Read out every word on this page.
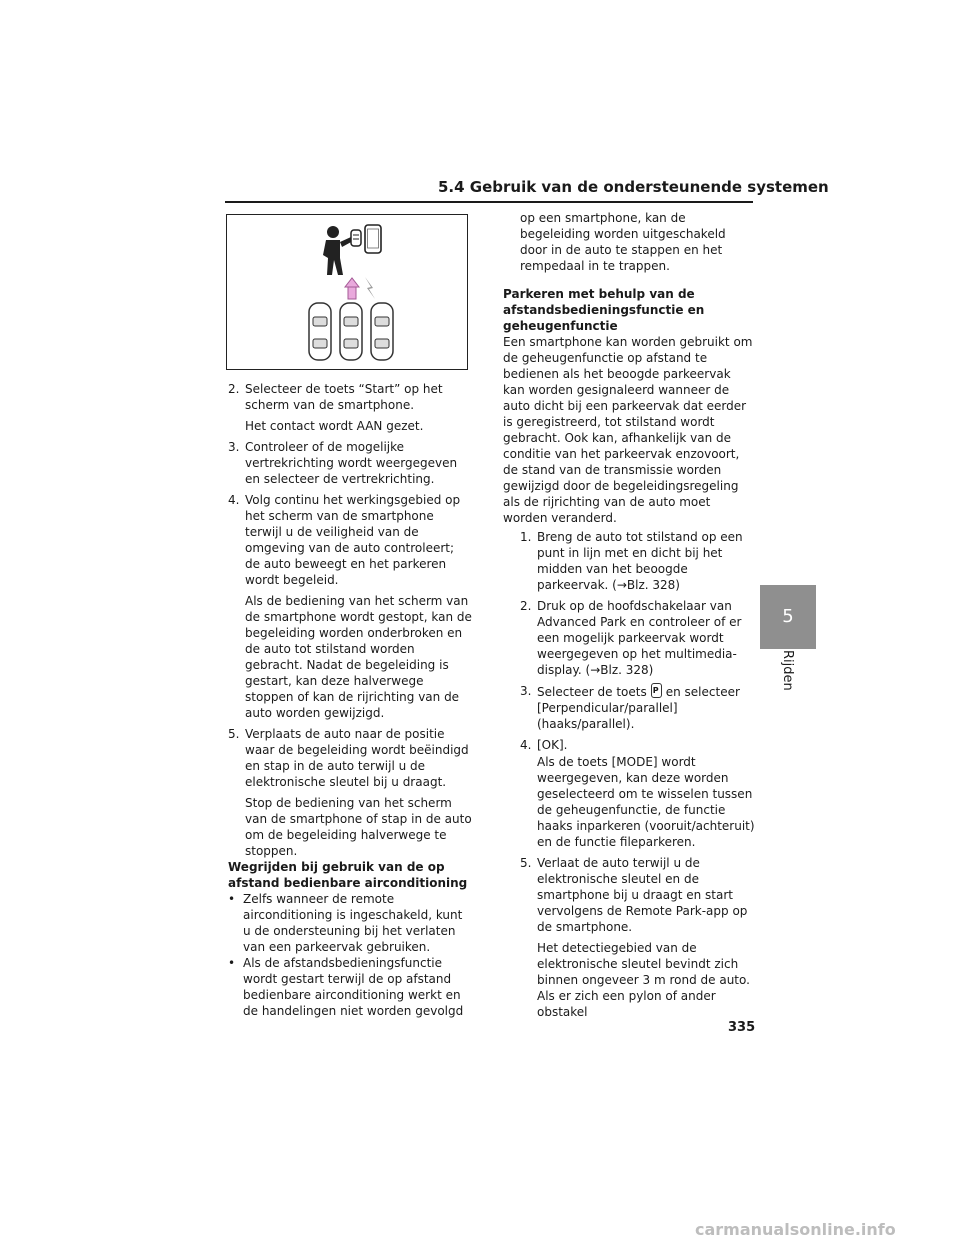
5.4 Gebruik van de ondersteunende systemen

2. Selecteer de toets “Start” op het scherm van de smartphone.

Het contact wordt AAN gezet.

3. Controleer of de mogelijke vertrekrichting wordt weergegeven en selecteer de vertrekrichting.

4. Volg continu het werkingsgebied op het scherm van de smartphone terwijl u de veiligheid van de omgeving van de auto controleert; de auto beweegt en het parkeren wordt begeleid.

Als de bediening van het scherm van de smartphone wordt gestopt, kan de begeleiding worden onderbroken en de auto tot stilstand worden gebracht. Nadat de begeleiding is gestart, kan deze halverwege stoppen of kan de rijrichting van de auto worden gewijzigd.

5. Verplaats de auto naar de positie waar de begeleiding wordt beëindigd en stap in de auto terwijl u de elektronische sleutel bij u draagt.

Stop de bediening van het scherm van de smartphone of stap in de auto om de begeleiding halverwege te stoppen.

Wegrijden bij gebruik van de op afstand bedienbare airconditioning

• Zelfs wanneer de remote airconditioning is ingeschakeld, kunt u de ondersteuning bij het verlaten van een parkeervak gebruiken.

• Als de afstandsbedieningsfunctie wordt gestart terwijl de op afstand bedienbare airconditioning werkt en de handelingen niet worden gevolgd

op een smartphone, kan de begeleiding worden uitgeschakeld door in de auto te stappen en het rempedaal in te trappen.

Parkeren met behulp van de afstandsbedieningsfunctie en geheugenfunctie

Een smartphone kan worden gebruikt om de geheugenfunctie op afstand te bedienen als het beoogde parkeervak kan worden gesignaleerd wanneer de auto dicht bij een parkeervak dat eerder is geregistreerd, tot stilstand wordt gebracht. Ook kan, afhankelijk van de conditie van het parkeervak enzovoort, de stand van de transmissie worden gewijzigd door de begeleidingsregeling als de rijrichting van de auto moet worden veranderd.

1. Breng de auto tot stilstand op een punt in lijn met en dicht bij het midden van het beoogde parkeervak. (→Blz. 328)

2. Druk op de hoofdschakelaar van Advanced Park en controleer of er een mogelijk parkeervak wordt weergegeven op het multimedia-display. (→Blz. 328)

3. Selecteer de toetsP en selecteer [Perpendicular/parallel] (haaks/parallel).

4. [OK].

Als de toets [MODE] wordt weergegeven, kan deze worden geselecteerd om te wisselen tussen de geheugenfunctie, de functie haaks inparkeren (vooruit/achteruit) en de functie fileparkeren.

5. Verlaat de auto terwijl u de elektronische sleutel en de smartphone bij u draagt en start vervolgens de Remote Park-app op de smartphone.

Het detectiegebied van de elektronische sleutel bevindt zich binnen ongeveer 3 m rond de auto. Als er zich een pylon of ander obstakel

5
Rijden
335
carmanualsonline.info
